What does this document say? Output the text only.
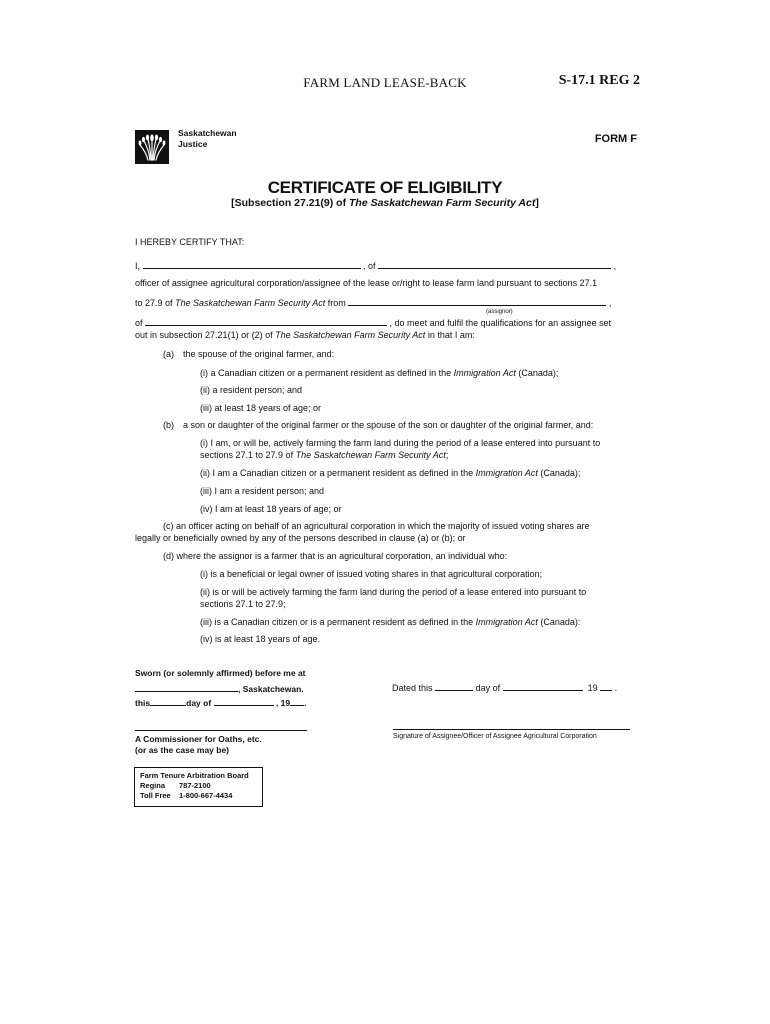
FARM LAND LEASE-BACK	S-17.1 REG 2
Saskatchewan
Justice	FORM F
CERTIFICATE OF ELIGIBILITY
[Subsection 27.21(9) of The Saskatchewan Farm Security Act]
I HEREBY CERTIFY THAT:
I,	, of	,
officer of assignee agricultural corporation/assignee of the lease or/right to lease farm land pursuant to sections 27.1
to 27.9 of The Saskatchewan Farm Security Act from	,
(assignor)
of	, do meet and fulfil the qualifications for an assignee set
out in subsection 27.21(1) or (2) of The Saskatchewan Farm Security Act in that I am:
(a) the spouse of the original farmer, and:
(i) a Canadian citizen or a permanent resident as defined in the Immigration Act (Canada);
(ii) a resident person; and
(iii) at least 18 years of age; or
(b) a son or daughter of the original farmer or the spouse of the son or daughter of the original farmer, and:
(i) I am, or will be, actively farming the farm land during the period of a lease entered into pursuant to
sections 27.1 to 27.9 of The Saskatchewan Farm Security Act;
(ii) I am a Canadian citizen or a permanent resident as defined in the Immigration Act (Canada);
(iii) I am a resident person; and
(iv) I am at least 18 years of age; or
(c) an officer acting on behalf of an agricultural corporation in which the majority of issued voting shares are
legally or beneficially owned by any of the persons described in clause (a) or (b); or
(d) where the assignor is a farmer that is an agricultural corporation, an individual who:
(i) is a beneficial or legal owner of issued voting shares in that agricultural corporation;
(ii) is or will be actively farming the farm land during the period of a lease entered into pursuant to
sections 27.1 to 27.9;
(iii) is a Canadian citizen or is a permanent resident as defined in the Immigration Act (Canada):
(iv) is at least 18 years of age.
Sworn (or solemnly affirmed) before me at
, Saskatchewan.
this	day of	, 19 .
Dated this	day of	19 .
A Commissioner for Oaths, etc.
(or as the case may be)
Signature of Assignee/Officer of Assignee Agricultural Corporation
Farm Tenure Arbitration Board
Regina 787-2100
Toll Free 1-800-667-4434
